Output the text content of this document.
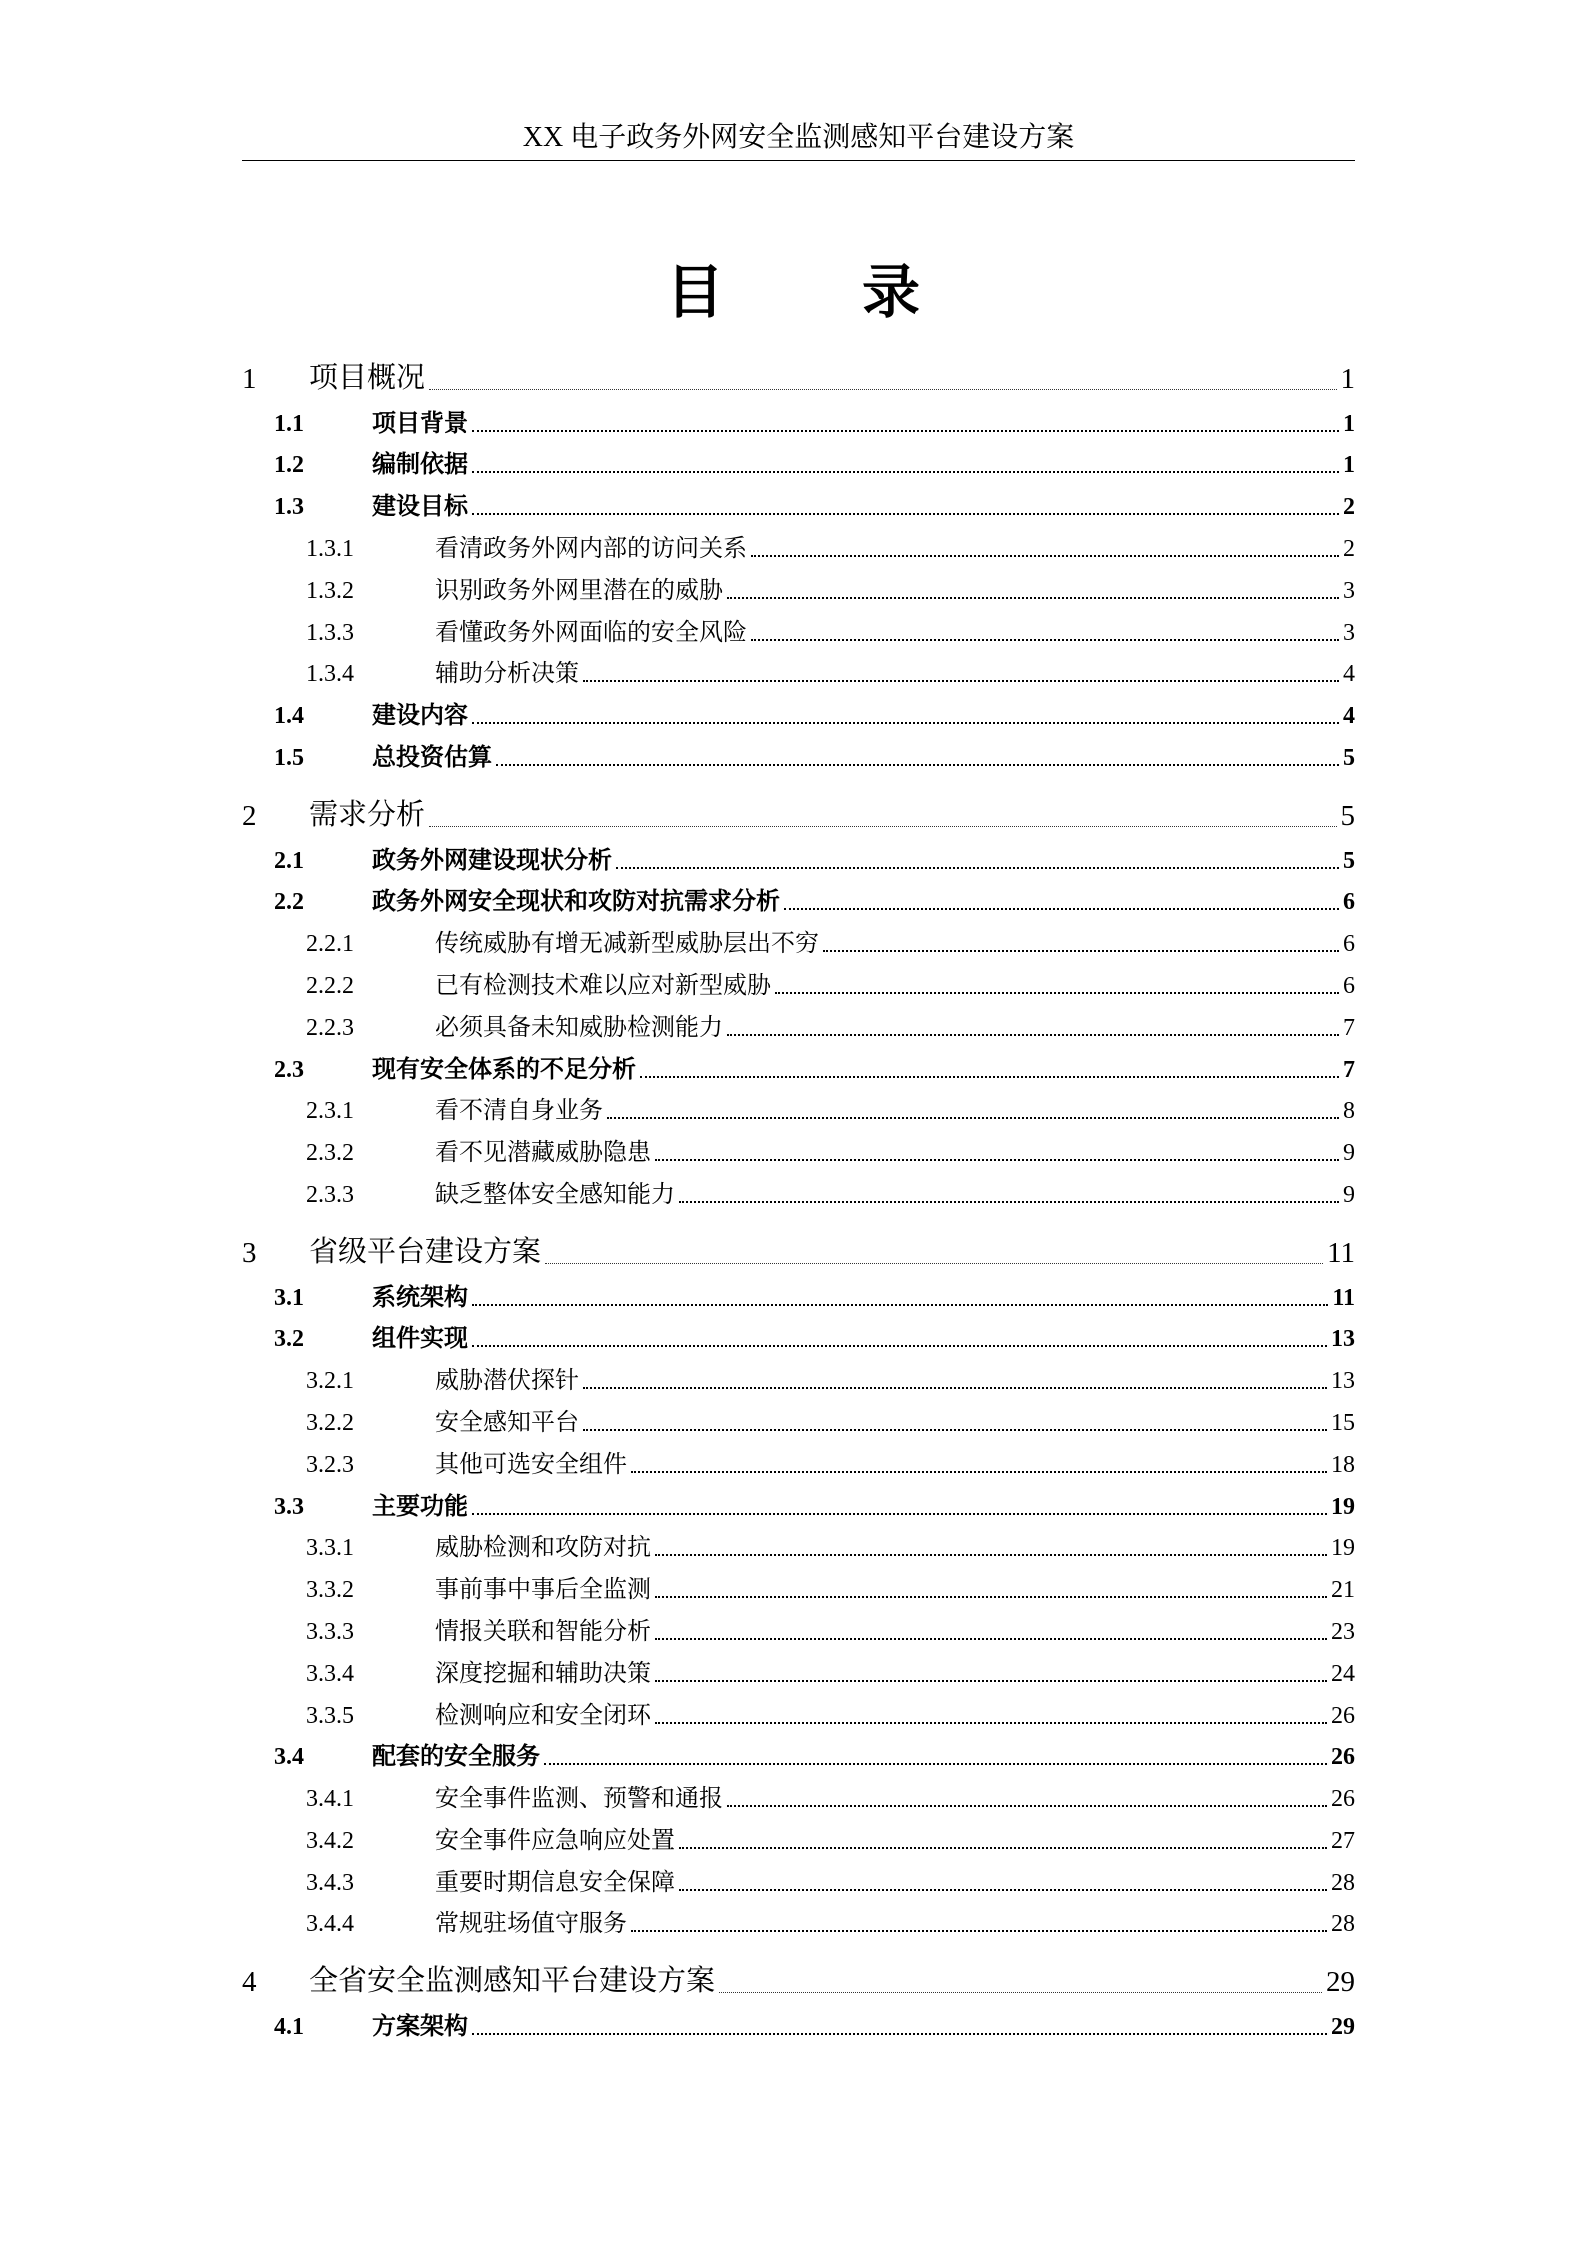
XX 电子政务外网安全监测感知平台建设方案
目　录
1 项目概况	1
1.1	项目背景	1
1.2	编制依据	1
1.3	建设目标	2
1.3.1	看清政务外网内部的访问关系	2
1.3.2	识别政务外网里潜在的威胁	3
1.3.3	看懂政务外网面临的安全风险	3
1.3.4	辅助分析决策	4
1.4	建设内容	4
1.5	总投资估算	5
2 需求分析	5
2.1	政务外网建设现状分析	5
2.2	政务外网安全现状和攻防对抗需求分析	6
2.2.1	传统威胁有增无减新型威胁层出不穷	6
2.2.2	已有检测技术难以应对新型威胁	6
2.2.3	必须具备未知威胁检测能力	7
2.3	现有安全体系的不足分析	7
2.3.1	看不清自身业务	8
2.3.2	看不见潜藏威胁隐患	9
2.3.3	缺乏整体安全感知能力	9
3 省级平台建设方案	11
3.1	系统架构	11
3.2	组件实现	13
3.2.1	威胁潜伏探针	13
3.2.2	安全感知平台	15
3.2.3	其他可选安全组件	18
3.3	主要功能	19
3.3.1	威胁检测和攻防对抗	19
3.3.2	事前事中事后全监测	21
3.3.3	情报关联和智能分析	23
3.3.4	深度挖掘和辅助决策	24
3.3.5	检测响应和安全闭环	26
3.4	配套的安全服务	26
3.4.1	安全事件监测、预警和通报	26
3.4.2	安全事件应急响应处置	27
3.4.3	重要时期信息安全保障	28
3.4.4	常规驻场值守服务	28
4 全省安全监测感知平台建设方案	29
4.1	方案架构	29
